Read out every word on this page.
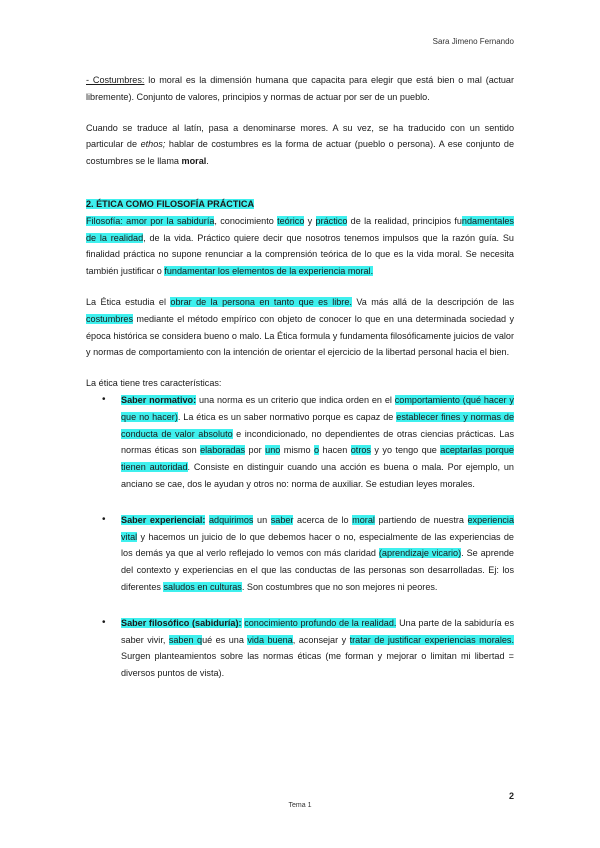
Sara Jimeno Fernando

- Costumbres: lo moral es la dimensión humana que capacita para elegir que está bien o mal (actuar libremente). Conjunto de valores, principios y normas de actuar por ser de un pueblo.

Cuando se traduce al latín, pasa a denominarse mores. A su vez, se ha traducido con un sentido particular de ethos; hablar de costumbres es la forma de actuar (pueblo o persona). A ese conjunto de costumbres se le llama moral.

2. ÉTICA COMO FILOSOFÍA PRÁCTICA

Filosofía: amor por la sabiduría, conocimiento teórico y práctico de la realidad, principios fundamentales de la realidad, de la vida. Práctico quiere decir que nosotros tenemos impulsos que la razón guía. Su finalidad práctica no supone renunciar a la comprensión teórica de lo que es la vida moral. Se necesita también justificar o fundamentar los elementos de la experiencia moral.

La Ética estudia el obrar de la persona en tanto que es libre. Va más allá de la descripción de las costumbres mediante el método empírico con objeto de conocer lo que en una determinada sociedad y época histórica se considera bueno o malo. La Ética formula y fundamenta filosóficamente juicios de valor y normas de comportamiento con la intención de orientar el ejercicio de la libertad personal hacia el bien.

La ética tiene tres características:

• Saber normativo: una norma es un criterio que indica orden en el comportamiento (qué hacer y que no hacer). La ética es un saber normativo porque es capaz de establecer fines y normas de conducta de valor absoluto e incondicionado, no dependientes de otras ciencias prácticas. Las normas éticas son elaboradas por uno mismo o hacen otros y yo tengo que aceptarlas porque tienen autoridad. Consiste en distinguir cuando una acción es buena o mala. Por ejemplo, un anciano se cae, dos le ayudan y otros no: norma de auxiliar. Se estudian leyes morales.
• Saber experiencial: adquirimos un saber acerca de lo moral partiendo de nuestra experiencia vital y hacemos un juicio de lo que debemos hacer o no, especialmente de las experiencias de los demás ya que al verlo reflejado lo vemos con más claridad (aprendizaje vicario). Se aprende del contexto y experiencias en el que las conductas de las personas son desarrolladas. Ej: los diferentes saludos en culturas. Son costumbres que no son mejores ni peores.
• Saber filosófico (sabiduría): conocimiento profundo de la realidad. Una parte de la sabiduría es saber vivir, saben qué es una vida buena, aconsejar y tratar de justificar experiencias morales. Surgen planteamientos sobre las normas éticas (me forman y mejorar o limitan mi libertad = diversos puntos de vista).
2
Tema 1
